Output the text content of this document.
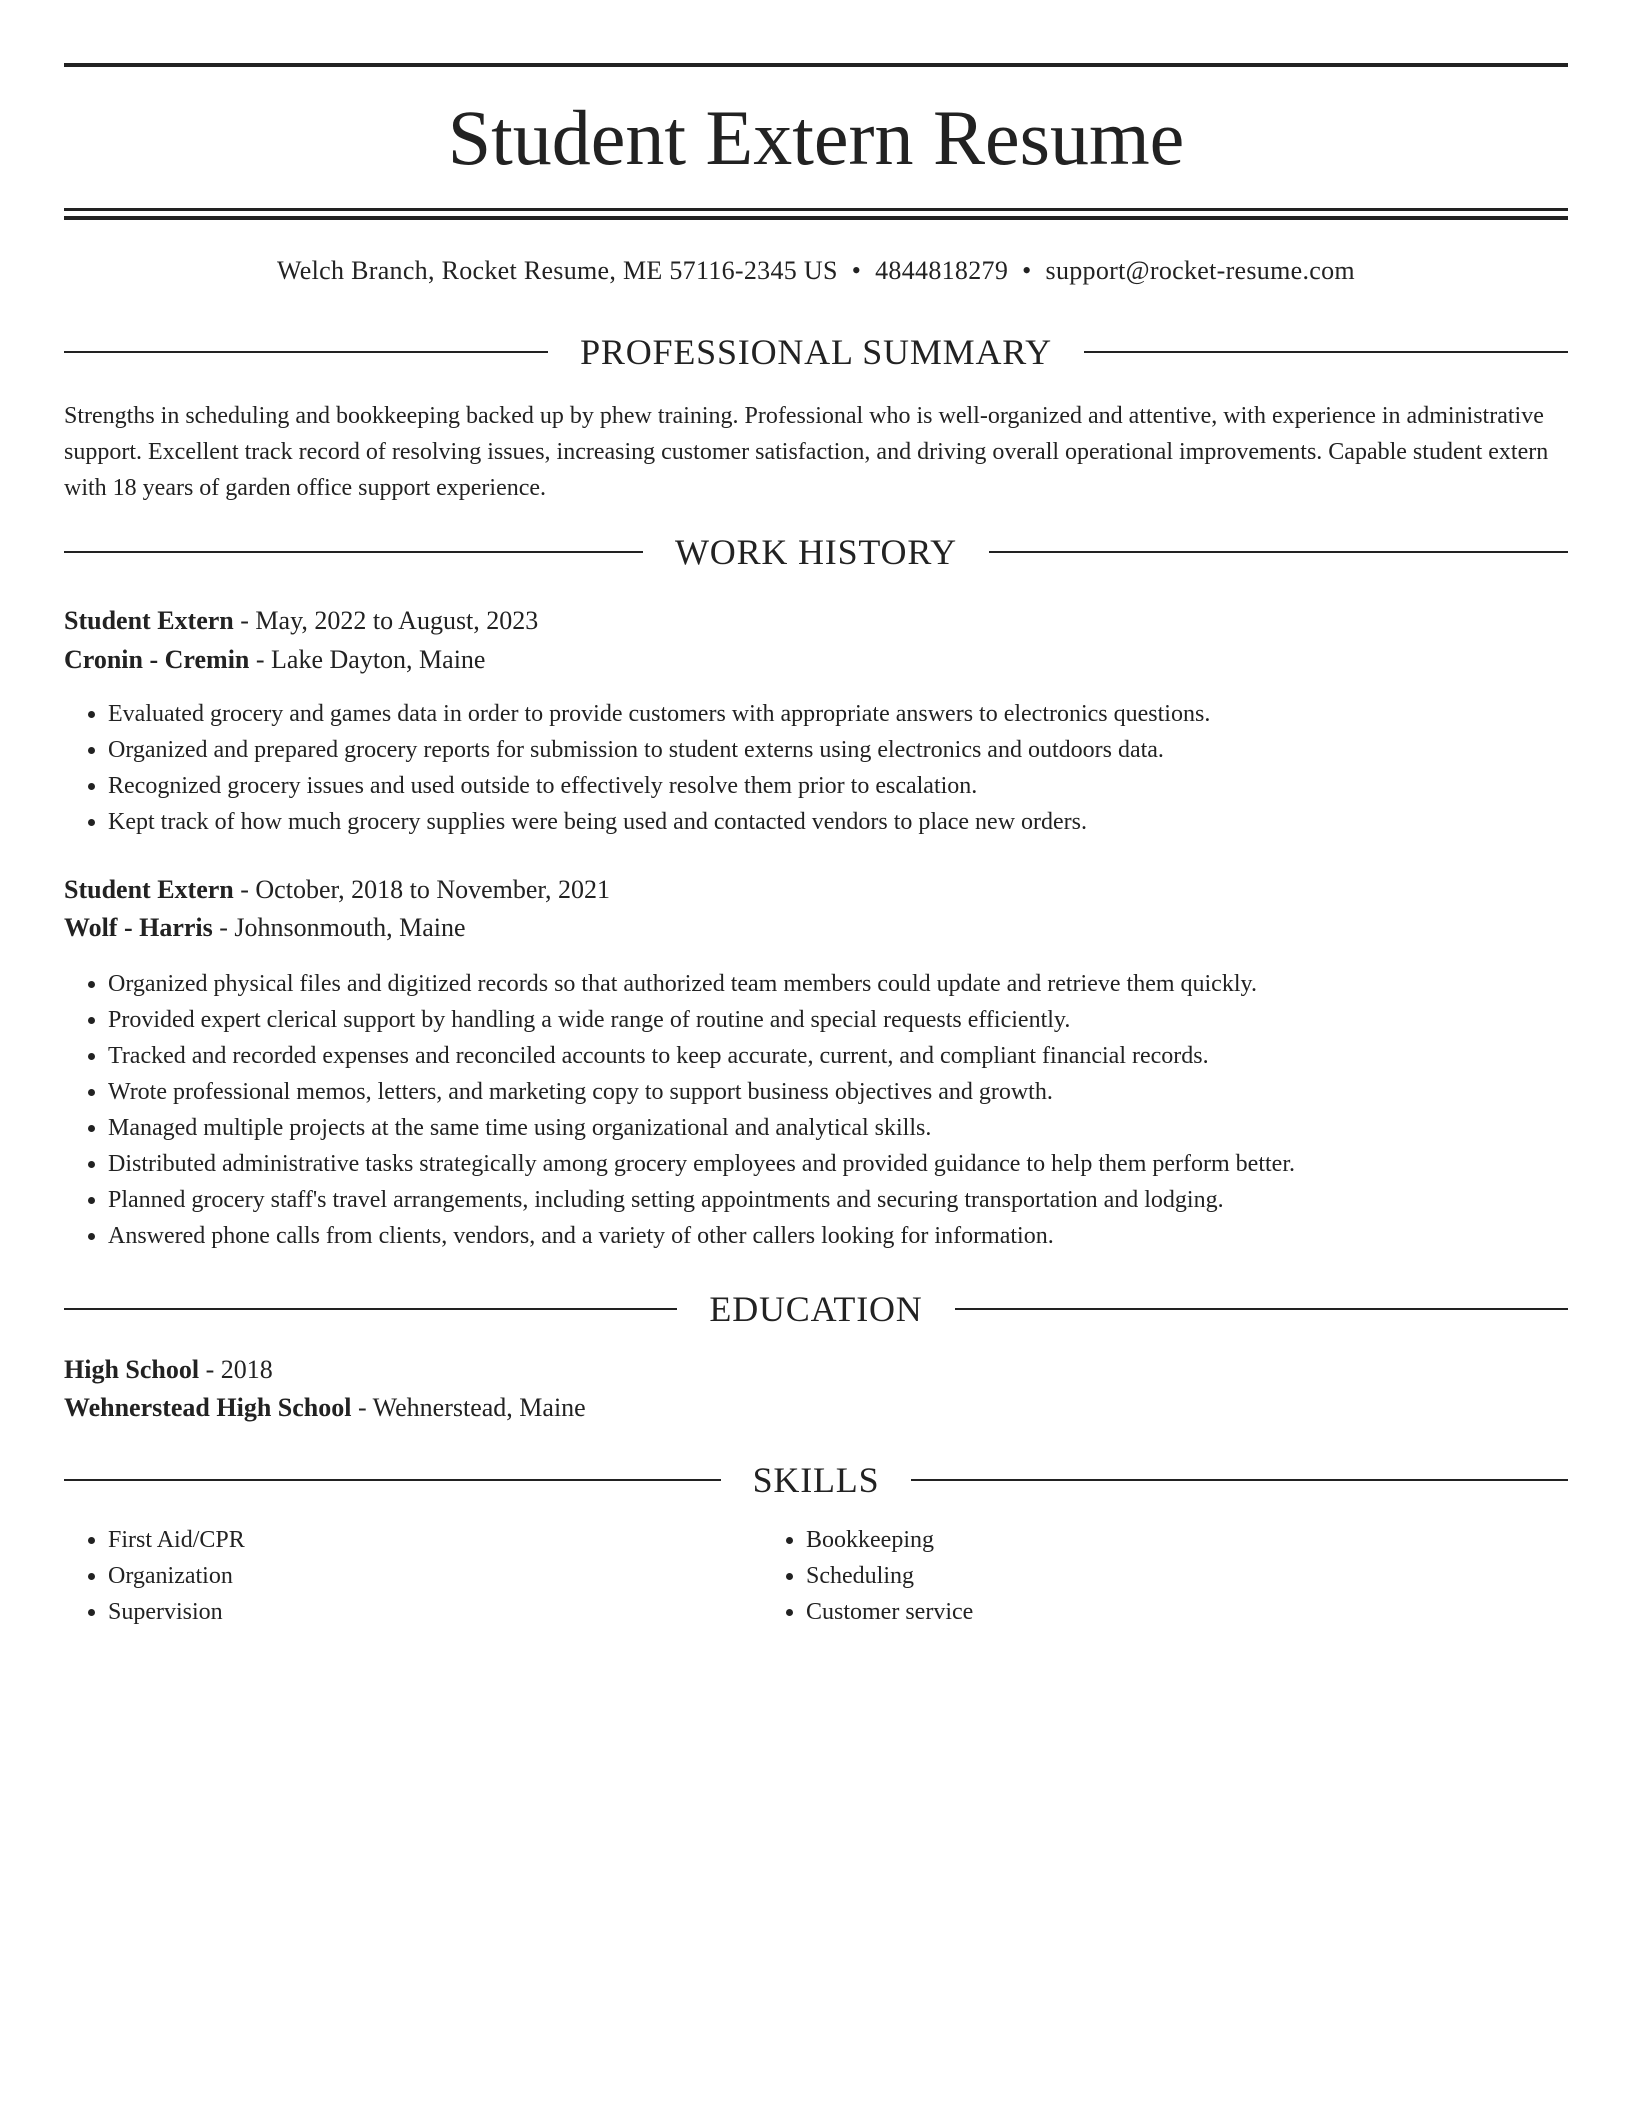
Student Extern Resume
Welch Branch, Rocket Resume, ME 57116-2345 US • 4844818279 • support@rocket-resume.com
PROFESSIONAL SUMMARY

Strengths in scheduling and bookkeeping backed up by phew training. Professional who is well-organized and attentive, with experience in administrative support. Excellent track record of resolving issues, increasing customer satisfaction, and driving overall operational improvements. Capable student extern with 18 years of garden office support experience.

WORK HISTORY
Student Extern - May, 2022 to August, 2023
Cronin - Cremin - Lake Dayton, Maine
• Evaluated grocery and games data in order to provide customers with appropriate answers to electronics questions.
• Organized and prepared grocery reports for submission to student externs using electronics and outdoors data.
• Recognized grocery issues and used outside to effectively resolve them prior to escalation.
• Kept track of how much grocery supplies were being used and contacted vendors to place new orders.
Student Extern - October, 2018 to November, 2021
Wolf - Harris - Johnsonmouth, Maine
• Organized physical files and digitized records so that authorized team members could update and retrieve them quickly.
• Provided expert clerical support by handling a wide range of routine and special requests efficiently.
• Tracked and recorded expenses and reconciled accounts to keep accurate, current, and compliant financial records.
• Wrote professional memos, letters, and marketing copy to support business objectives and growth.
• Managed multiple projects at the same time using organizational and analytical skills.
• Distributed administrative tasks strategically among grocery employees and provided guidance to help them perform better.
• Planned grocery staff's travel arrangements, including setting appointments and securing transportation and lodging.
• Answered phone calls from clients, vendors, and a variety of other callers looking for information.
EDUCATION
High School - 2018
Wehnerstead High School - Wehnerstead, Maine
SKILLS
• First Aid/CPR
• Organization
• Supervision
• Bookkeeping
• Scheduling
• Customer service
